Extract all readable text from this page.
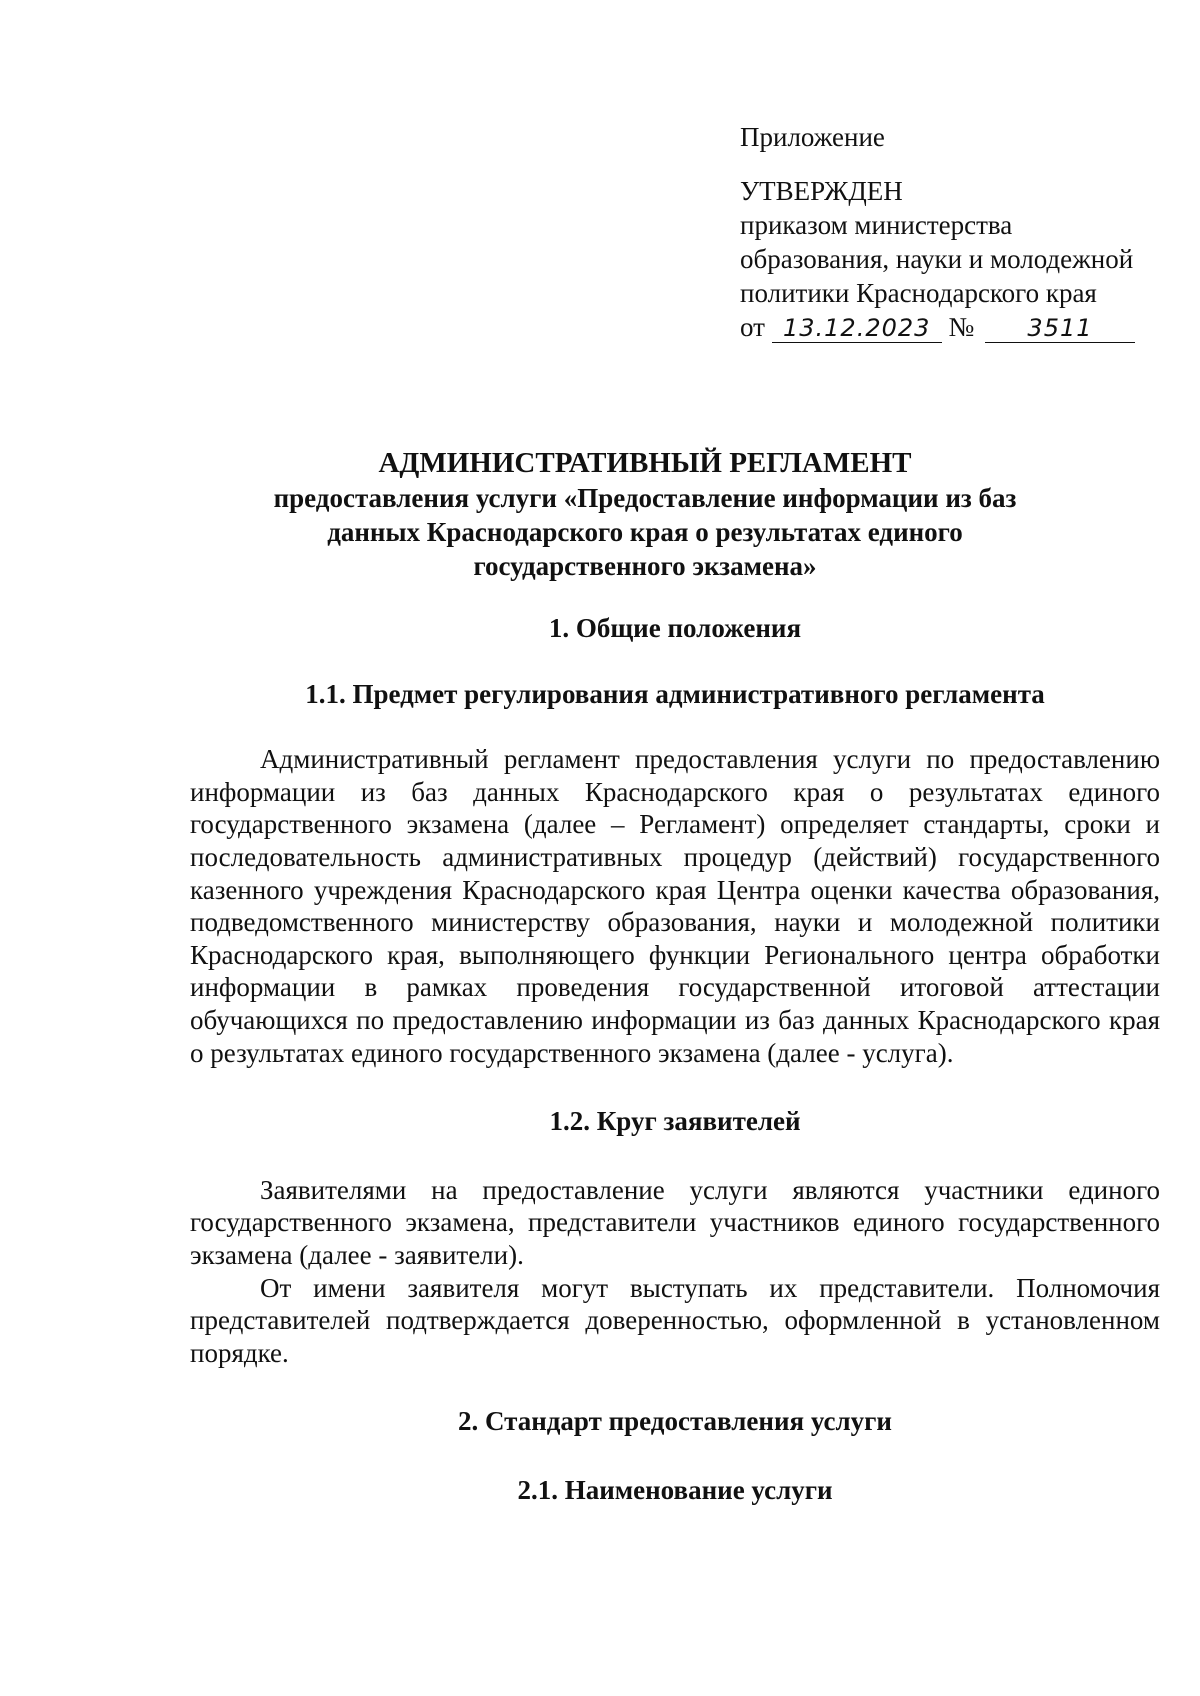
Приложение
УТВЕРЖДЕН
приказом министерства
образования, науки и молодежной
политики Краснодарского края
от 13.12.2023 № 3511
АДМИНИСТРАТИВНЫЙ РЕГЛАМЕНТ
предоставления услуги «Предоставление информации из баз
данных Краснодарского края о результатах единого
государственного экзамена»
1. Общие положения
1.1. Предмет регулирования административного регламента

Административный регламент предоставления услуги по предоставлению информации из баз данных Краснодарского края о результатах единого государственного экзамена (далее – Регламент) определяет стандарты, сроки и последовательность административных процедур (действий) государственного казенного учреждения Краснодарского края Центра оценки качества образования, подведомственного министерству образования, науки и молодежной политики Краснодарского края, выполняющего функции Регионального центра обработки информации в рамках проведения государственной итоговой аттестации обучающихся по предоставлению информации из баз данных Краснодарского края о результатах единого государственного экзамена (далее - услуга).

1.2. Круг заявителей

Заявителями на предоставление услуги являются участники единого государственного экзамена, представители участников единого государственного экзамена (далее - заявители).

От имени заявителя могут выступать их представители. Полномочия представителей подтверждается доверенностью, оформленной в установленном порядке.

2. Стандарт предоставления услуги
2.1. Наименование услуги
